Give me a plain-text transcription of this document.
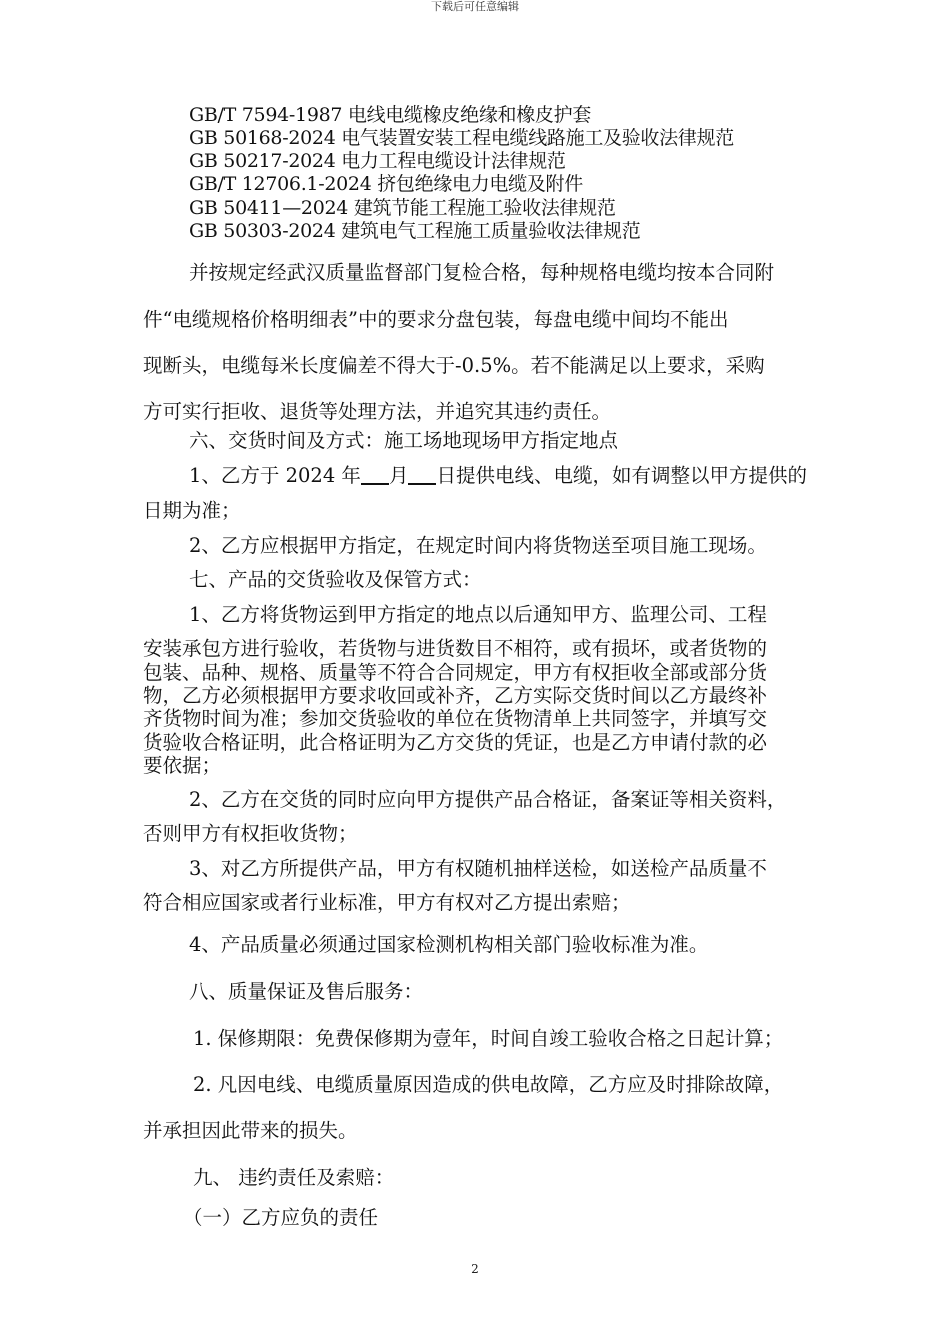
下载后可任意编辑
GB/T 7594-1987 电线电缆橡皮绝缘和橡皮护套
GB 50168-2024 电气装置安装工程电缆线路施工及验收法律规范
GB 50217-2024 电力工程电缆设计法律规范
GB/T 12706.1-2024 挤包绝缘电力电缆及附件
GB 50411—2024 建筑节能工程施工验收法律规范
GB 50303-2024 建筑电气工程施工质量验收法律规范
并按规定经武汉质量监督部门复检合格，每种规格电缆均按本合同附
件“电缆规格价格明细表”中的要求分盘包装，每盘电缆中间均不能出
现断头，电缆每米长度偏差不得大于-0.5%。若不能满足以上要求，采购
方可实行拒收、退货等处理方法，并追究其违约责任。
六、交货时间及方式：施工场地现场甲方指定地点
1、乙方于 2024 年 月 日提供电线、电缆，如有调整以甲方提供的
日期为准；
2、乙方应根据甲方指定，在规定时间内将货物送至项目施工现场。
七、产品的交货验收及保管方式：
1、乙方将货物运到甲方指定的地点以后通知甲方、监理公司、工程
安装承包方进行验收，若货物与进货数目不相符，或有损坏，或者货物的
包装、品种、规格、质量等不符合合同规定，甲方有权拒收全部或部分货
物，乙方必须根据甲方要求收回或补齐，乙方实际交货时间以乙方最终补
齐货物时间为准；参加交货验收的单位在货物清单上共同签字，并填写交
货验收合格证明，此合格证明为乙方交货的凭证，也是乙方申请付款的必
要依据；
2、乙方在交货的同时应向甲方提供产品合格证，备案证等相关资料，
否则甲方有权拒收货物；
3、对乙方所提供产品，甲方有权随机抽样送检，如送检产品质量不
符合相应国家或者行业标准，甲方有权对乙方提出索赔；
4、产品质量必须通过国家检测机构相关部门验收标准为准。
八、质量保证及售后服务：
1. 保修期限：免费保修期为壹年，时间自竣工验收合格之日起计算；
2. 凡因电线、电缆质量原因造成的供电故障，乙方应及时排除故障，
并承担因此带来的损失。
九、 违约责任及索赔：
（一）乙方应负的责任
2
